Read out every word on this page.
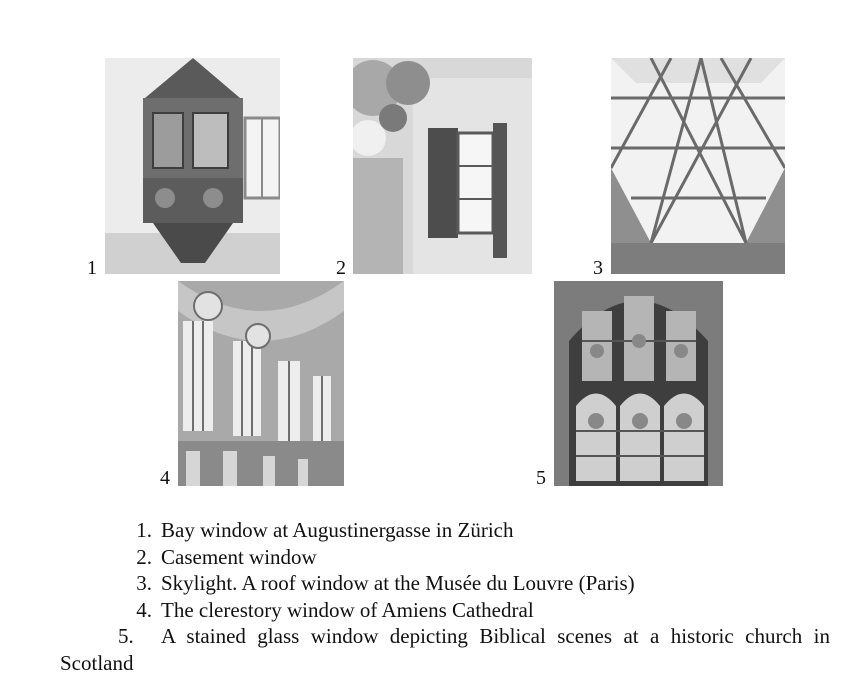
1	2	3
4	5
1. Bay window at Augustinergasse in Zürich
2. Casement window
3. Skylight. A roof window at the Musée du Louvre (Paris)
4. The clerestory window of Amiens Cathedral
5. A stained glass window depicting Biblical scenes at a historic church in Scotland
